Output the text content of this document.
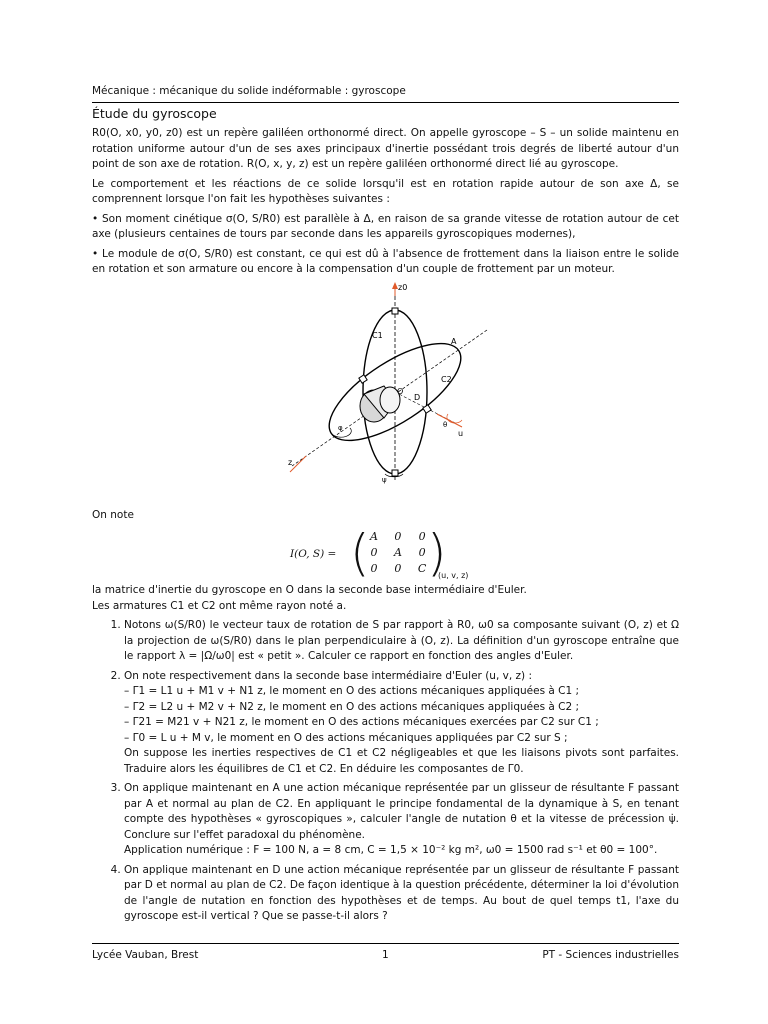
Mécanique : mécanique du solide indéformable : gyroscope
Étude du gyroscope

R0(O, x0, y0, z0) est un repère galiléen orthonormé direct. On appelle gyroscope – S – un solide maintenu en rotation uniforme autour d'un de ses axes principaux d'inertie possédant trois degrés de liberté autour d'un point de son axe de rotation. R(O, x, y, z) est un repère galiléen orthonormé direct lié au gyroscope.

Le comportement et les réactions de ce solide lorsqu'il est en rotation rapide autour de son axe Δ, se comprennent lorsque l'on fait les hypothèses suivantes :

• Son moment cinétique σ(O, S/R0) est parallèle à Δ, en raison de sa grande vitesse de rotation autour de cet axe (plusieurs centaines de tours par seconde dans les appareils gyroscopiques modernes),

• Le module de σ(O, S/R0) est constant, ce qui est dû à l'absence de frottement dans la liaison entre le solide en rotation et son armature ou encore à la compensation d'un couple de frottement par un moteur.

z0
C1
C2
A
O
D
θ
u
z
φ
ψ

On note

I(O, S) = ( A	0	0
0	A	0
0	0	C )
(u, v, z)

la matrice d'inertie du gyroscope en O dans la seconde base intermédiaire d'Euler.

Les armatures C1 et C2 ont même rayon noté a.

1. Notons ω(S/R0) le vecteur taux de rotation de S par rapport à R0, ω0 sa composante suivant (O, z) et Ω la projection de ω(S/R0) dans le plan perpendiculaire à (O, z). La définition d'un gyroscope entraîne que le rapport λ = |Ω/ω0| est « petit ». Calculer ce rapport en fonction des angles d'Euler.
2. On note respectivement dans la seconde base intermédiaire d'Euler (u, v, z) :
– Γ1 = L1 u + M1 v + N1 z, le moment en O des actions mécaniques appliquées à C1 ;
– Γ2 = L2 u + M2 v + N2 z, le moment en O des actions mécaniques appliquées à C2 ;
– Γ21 = M21 v + N21 z, le moment en O des actions mécaniques exercées par C2 sur C1 ;
– Γ0 = L u + M v, le moment en O des actions mécaniques appliquées par C2 sur S ;
On suppose les inerties respectives de C1 et C2 négligeables et que les liaisons pivots sont parfaites. Traduire alors les équilibres de C1 et C2. En déduire les composantes de Γ0.
3. On applique maintenant en A une action mécanique représentée par un glisseur de résultante F passant par A et normal au plan de C2. En appliquant le principe fondamental de la dynamique à S, en tenant compte des hypothèses « gyroscopiques », calculer l'angle de nutation θ et la vitesse de précession ψ̇. Conclure sur l'effet paradoxal du phénomène.
Application numérique : F = 100 N, a = 8 cm, C = 1,5 × 10⁻² kg m², ω0 = 1500 rad s⁻¹ et θ0 = 100°.
4. On applique maintenant en D une action mécanique représentée par un glisseur de résultante F passant par D et normal au plan de C2. De façon identique à la question précédente, déterminer la loi d'évolution de l'angle de nutation en fonction des hypothèses et de temps. Au bout de quel temps t1, l'axe du gyroscope est-il vertical ? Que se passe-t-il alors ?
Lycée Vauban, Brest	1	PT - Sciences industrielles
